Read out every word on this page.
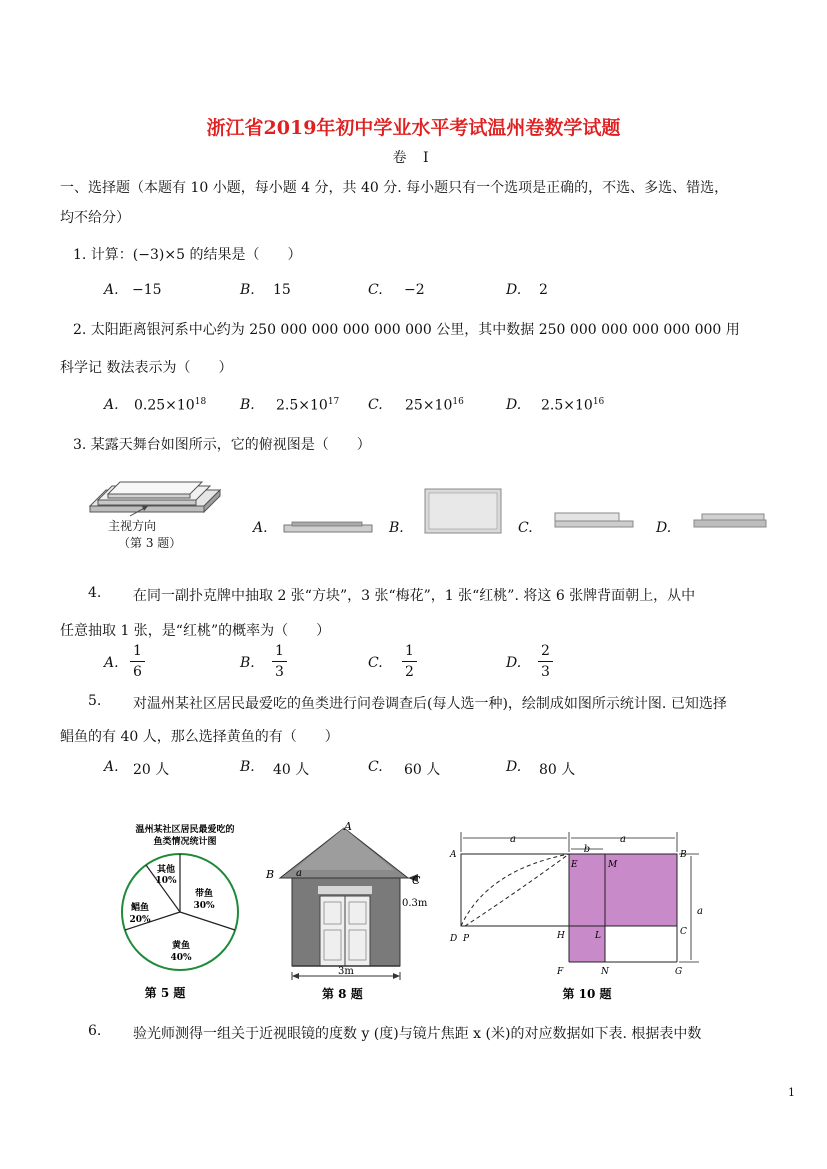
浙江省2019年初中学业水平考试温州卷数学试题
卷 Ⅰ
一、选择题（本题有 10 小题，每小题 4 分，共 40 分. 每小题只有一个选项是正确的，不选、多选、错选，
均不给分）
1. 计算：(−3)×5 的结果是（　　）
A. −15	B. 15	C. −2	D. 2
2. 太阳距离银河系中心约为 250 000 000 000 000 000 公里，其中数据 250 000 000 000 000 000 用
科学记 数法表示为（　　）
A. $0.25\times 10^{18}$ B. $2.5\times 10^{17}$ C. $25\times 10^{16}$	D. $2.5\times 10^{16}$
3. 某露天舞台如图所示，它的俯视图是（　　）
主视方向
（第 3 题）
A.	B.	C.	D.
4. 在同一副扑克牌中抽取 2 张“方块”，3 张“梅花”，1 张“红桃”. 将这 6 张牌背面朝上，从中
任意抽取 1 张，是“红桃”的概率为（　　）
A. $\frac{1}{6}$	B. $\frac{1}{3}$	C. $\frac{1}{2}$	D. $\frac{2}{3}$
5. 对温州某社区居民最爱吃的鱼类进行问卷调查后(每人选一种)，绘制成如图所示统计图. 已知选择
鲳鱼的有 40 人，那么选择黄鱼的有（　　）
A. 20 人	B. 40 人	C. 60 人	D. 80 人
温州某社区居民最爱吃的
鱼类情况统计图
其他
10%
带鱼
30%
黄鱼
40%
鲳鱼
20%
第 5 题
A
B a
C
0.3m
3m
第 8 题
a	a
b
a
A
E	M
B
H	L	C
D P
F	N	G
第 10 题
6. 验光师测得一组关于近视眼镜的度数 y (度)与镜片焦距 x (米)的对应数据如下表. 根据表中数
1
